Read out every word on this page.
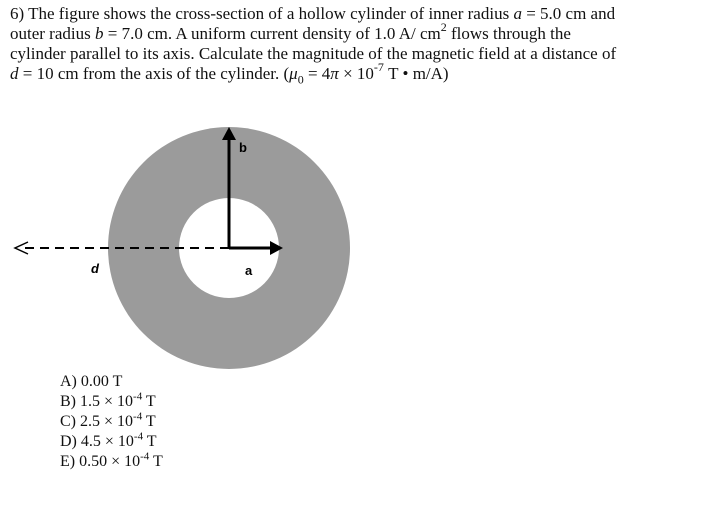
6) The figure shows the cross-section of a hollow cylinder of inner radius a = 5.0 cm and
outer radius b = 7.0 cm. A uniform current density of 1.0 A/ $cm^2$ flows through the
cylinder parallel to its axis. Calculate the magnitude of the magnetic field at a distance of
d = 10 cm from the axis of the cylinder. ($\mu_0 = 4\pi \times 10^{-7}$ T • m/A)
b
a
d
A) 0.00 T
B) $1.5 \times 10^{-4}$ T
C) $2.5 \times 10^{-4}$ T
D) $4.5 \times 10^{-4}$ T
E) $0.50 \times 10^{-4}$ T
